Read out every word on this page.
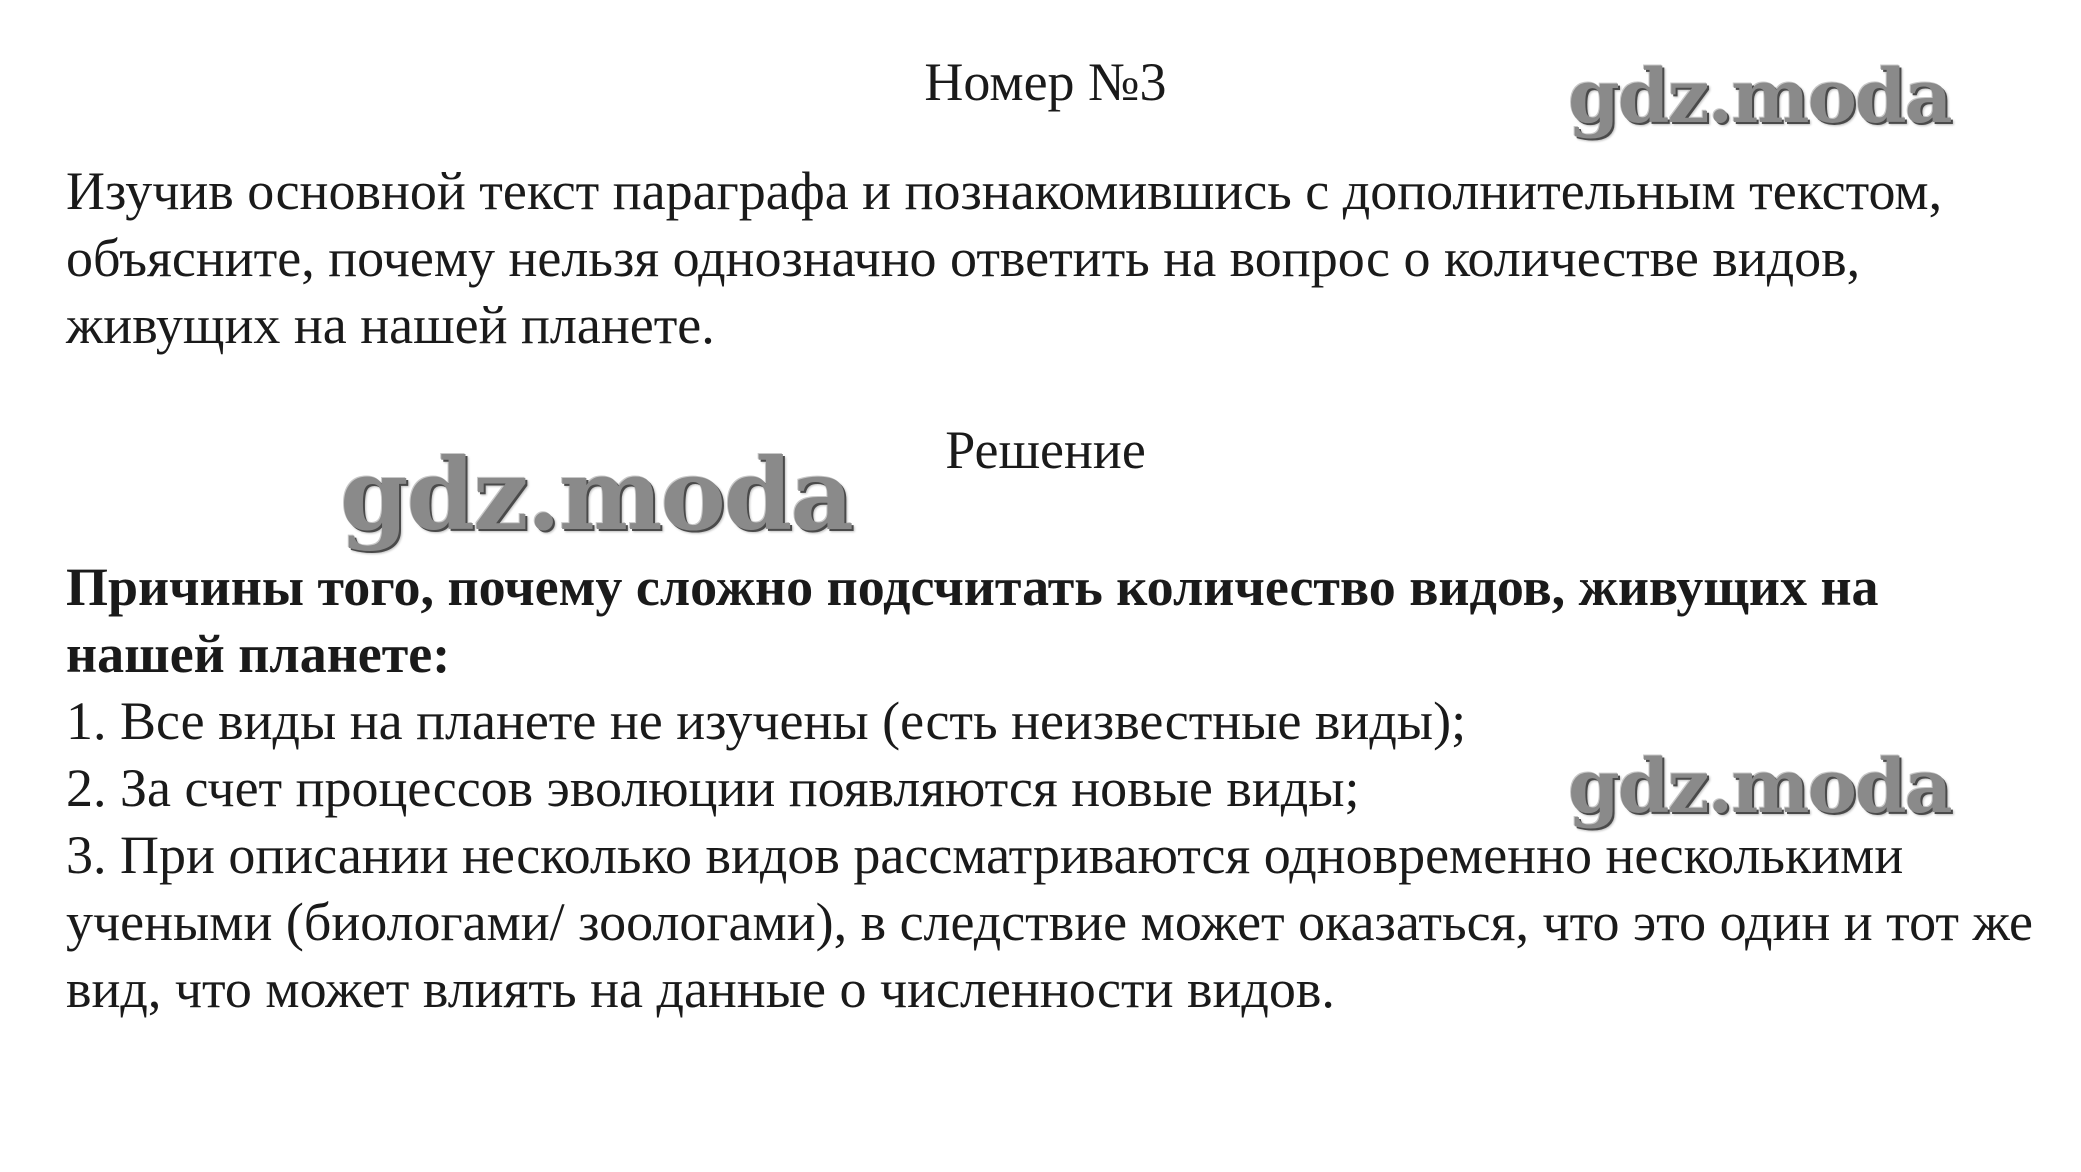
Номер №3	gdz.moda

Изучив основной текст параграфа и познакомившись с дополнительным текстом, объясните, почему нельзя однозначно ответить на вопрос о количестве видов, живущих на нашей планете.

gdz.moda	Решение
Причины того, почему сложно подсчитать количество видов, живущих на нашей планете:
1. Все виды на планете не изучены (есть неизвестные виды);
2. За счет процессов эволюции появляются новые виды;
3. При описании несколько видов рассматриваются одновременно несколькими учеными (биологами/ зоологами), в следствие может оказаться, что это один и тот же вид, что может влиять на данные о численности видов.
gdz.moda
